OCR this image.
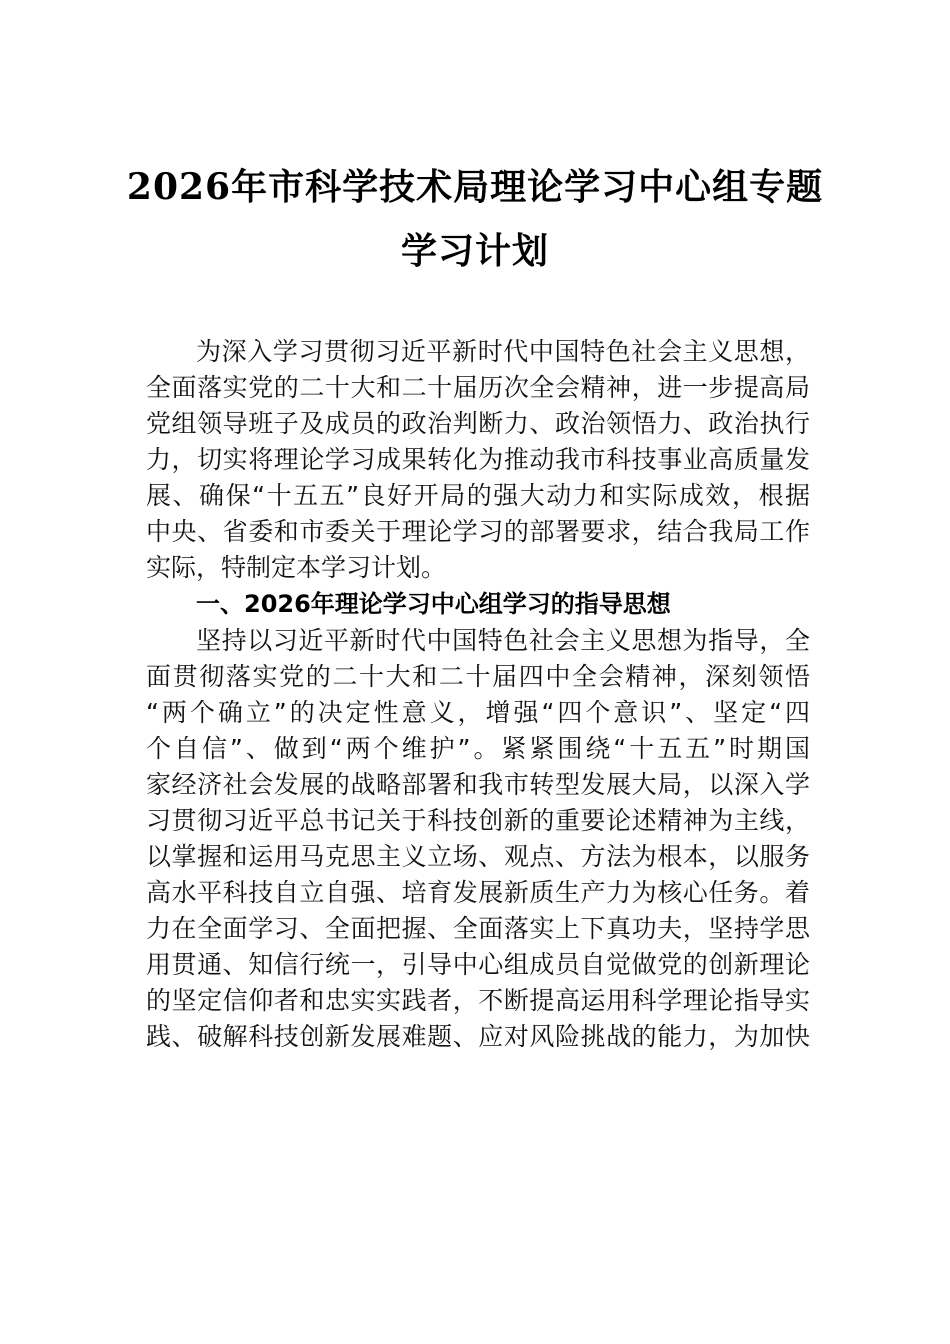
2026年市科学技术局理论学习中心组专题
学习计划
为深入学习贯彻习近平新时代中国特色社会主义思想，
全面落实党的二十大和二十届历次全会精神，进一步提高局
党组领导班子及成员的政治判断力、政治领悟力、政治执行
力，切实将理论学习成果转化为推动我市科技事业高质量发
展、确保“十五五”良好开局的强大动力和实际成效，根据
中央、省委和市委关于理论学习的部署要求，结合我局工作
实际，特制定本学习计划。
一、2026年理论学习中心组学习的指导思想
坚持以习近平新时代中国特色社会主义思想为指导，全
面贯彻落实党的二十大和二十届四中全会精神，深刻领悟
“两个确立”的决定性意义，增强“四个意识”、坚定“四
个自信”、做到“两个维护”。紧紧围绕“十五五”时期国
家经济社会发展的战略部署和我市转型发展大局，以深入学
习贯彻习近平总书记关于科技创新的重要论述精神为主线，
以掌握和运用马克思主义立场、观点、方法为根本，以服务
高水平科技自立自强、培育发展新质生产力为核心任务。着
力在全面学习、全面把握、全面落实上下真功夫，坚持学思
用贯通、知信行统一，引导中心组成员自觉做党的创新理论
的坚定信仰者和忠实实践者，不断提高运用科学理论指导实
践、破解科技创新发展难题、应对风险挑战的能力，为加快
